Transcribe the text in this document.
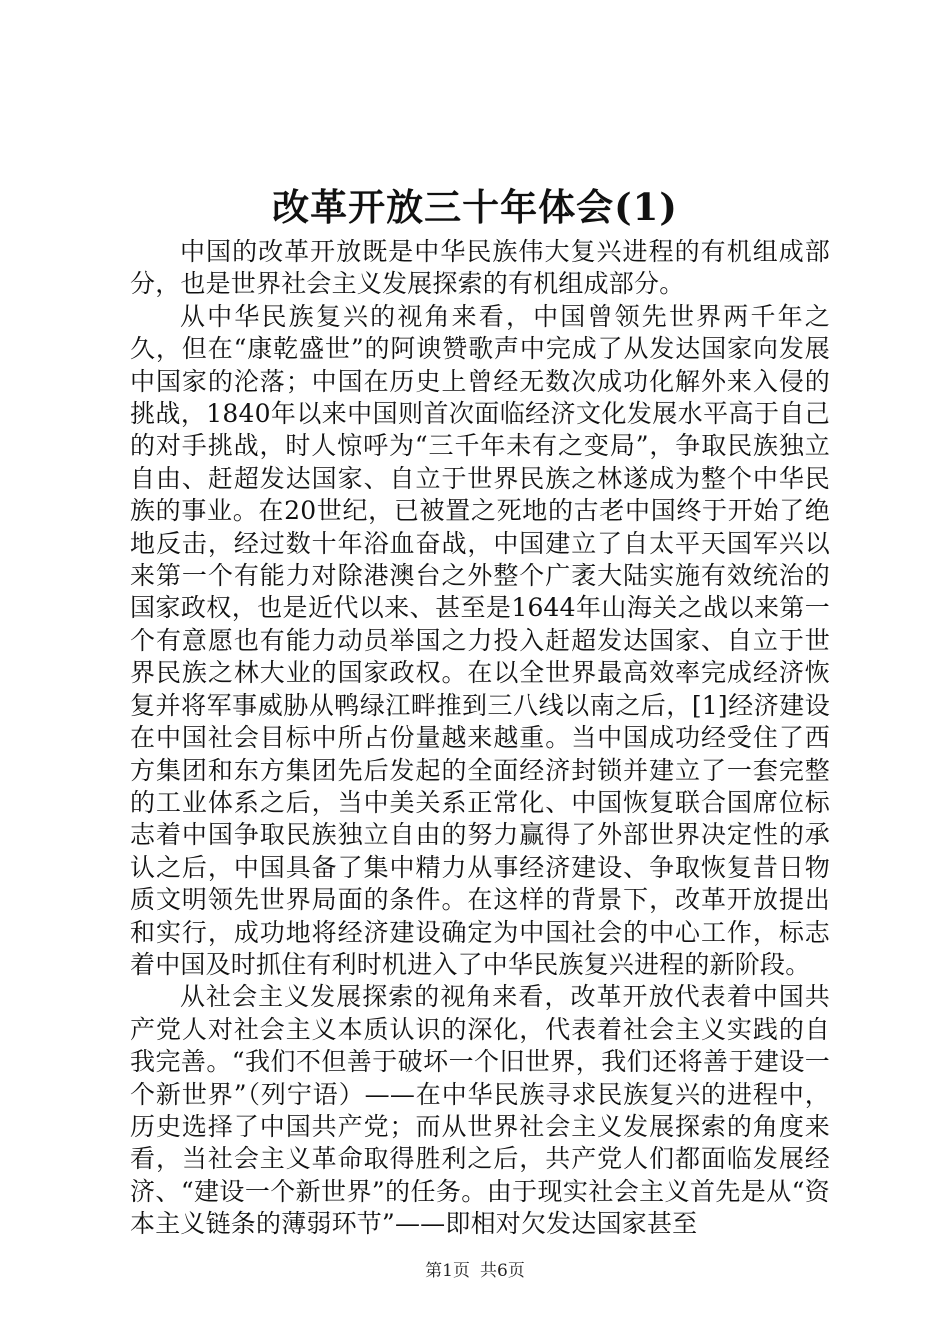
改革开放三十年体会(1)

中国的改革开放既是中华民族伟大复兴进程的有机组成部分，也是世界社会主义发展探索的有机组成部分。

从中华民族复兴的视角来看，中国曾领先世界两千年之久，但在“康乾盛世”的阿谀赞歌声中完成了从发达国家向发展中国家的沦落；中国在历史上曾经无数次成功化解外来入侵的挑战，1840年以来中国则首次面临经济文化发展水平高于自己的对手挑战，时人惊呼为“三千年未有之变局”，争取民族独立自由、赶超发达国家、自立于世界民族之林遂成为整个中华民族的事业。在20世纪，已被置之死地的古老中国终于开始了绝地反击，经过数十年浴血奋战，中国建立了自太平天国军兴以来第一个有能力对除港澳台之外整个广袤大陆实施有效统治的国家政权，也是近代以来、甚至是1644年山海关之战以来第一个有意愿也有能力动员举国之力投入赶超发达国家、自立于世界民族之林大业的国家政权。在以全世界最高效率完成经济恢复并将军事威胁从鸭绿江畔推到三八线以南之后，[1]经济建设在中国社会目标中所占份量越来越重。当中国成功经受住了西方集团和东方集团先后发起的全面经济封锁并建立了一套完整的工业体系之后，当中美关系正常化、中国恢复联合国席位标志着中国争取民族独立自由的努力赢得了外部世界决定性的承认之后，中国具备了集中精力从事经济建设、争取恢复昔日物质文明领先世界局面的条件。在这样的背景下，改革开放提出和实行，成功地将经济建设确定为中国社会的中心工作，标志着中国及时抓住有利时机进入了中华民族复兴进程的新阶段。

从社会主义发展探索的视角来看，改革开放代表着中国共产党人对社会主义本质认识的深化，代表着社会主义实践的自我完善。“我们不但善于破坏一个旧世界，我们还将善于建设一个新世界”（列宁语）——在中华民族寻求民族复兴的进程中，历史选择了中国共产党；而从世界社会主义发展探索的角度来看，当社会主义革命取得胜利之后，共产党人们都面临发展经济、“建设一个新世界”的任务。由于现实社会主义首先是从“资本主义链条的薄弱环节”——即相对欠发达国家甚至

第1页 共6页
